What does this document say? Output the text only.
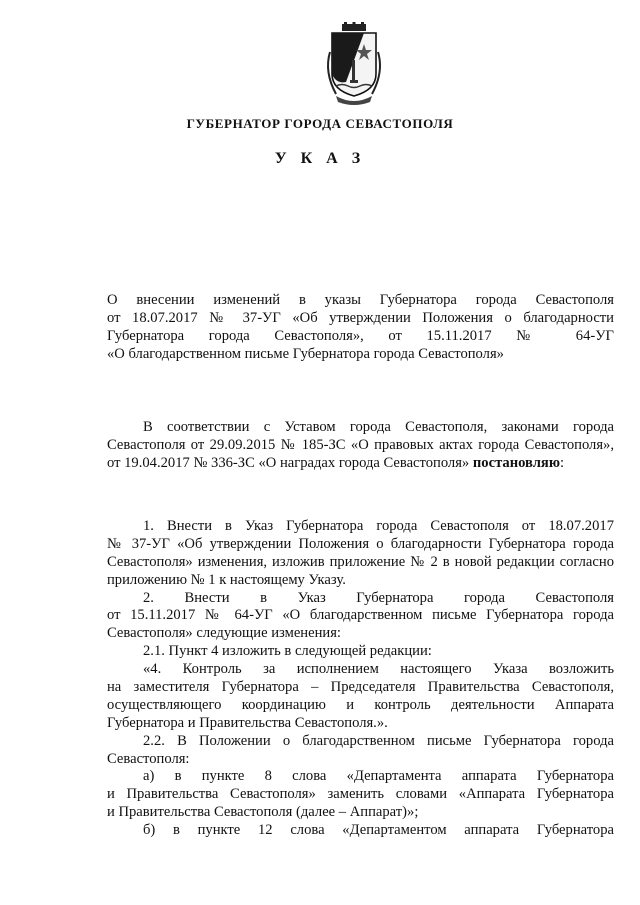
ГУБЕРНАТОР ГОРОДА СЕВАСТОПОЛЯ
У К А З
О внесении изменений в указы Губернатора города Севастополя
от 18.07.2017 № 37-УГ «Об утверждении Положения о благодарности
Губернатора города Севастополя», от 15.11.2017 № 64-УГ
«О благодарственном письме Губернатора города Севастополя»
В соответствии с Уставом города Севастополя, законами города
Севастополя от 29.09.2015 № 185-ЗС «О правовых актах города Севастополя»,
от 19.04.2017 № 336-ЗС «О наградах города Севастополя» постановляю:
1. Внести в Указ Губернатора города Севастополя от 18.07.2017
№ 37-УГ «Об утверждении Положения о благодарности Губернатора города
Севастополя» изменения, изложив приложение № 2 в новой редакции согласно
приложению № 1 к настоящему Указу.
2. Внести в Указ Губернатора города Севастополя
от 15.11.2017 № 64-УГ «О благодарственном письме Губернатора города
Севастополя» следующие изменения:
2.1. Пункт 4 изложить в следующей редакции:
«4. Контроль за исполнением настоящего Указа возложить
на заместителя Губернатора – Председателя Правительства Севастополя,
осуществляющего координацию и контроль деятельности Аппарата
Губернатора и Правительства Севастополя.».
2.2. В Положении о благодарственном письме Губернатора города
Севастополя:
а) в пункте 8 слова «Департамента аппарата Губернатора
и Правительства Севастополя» заменить словами «Аппарата Губернатора
и Правительства Севастополя (далее – Аппарат)»;
б) в пункте 12 слова «Департаментом аппарата Губернатора
